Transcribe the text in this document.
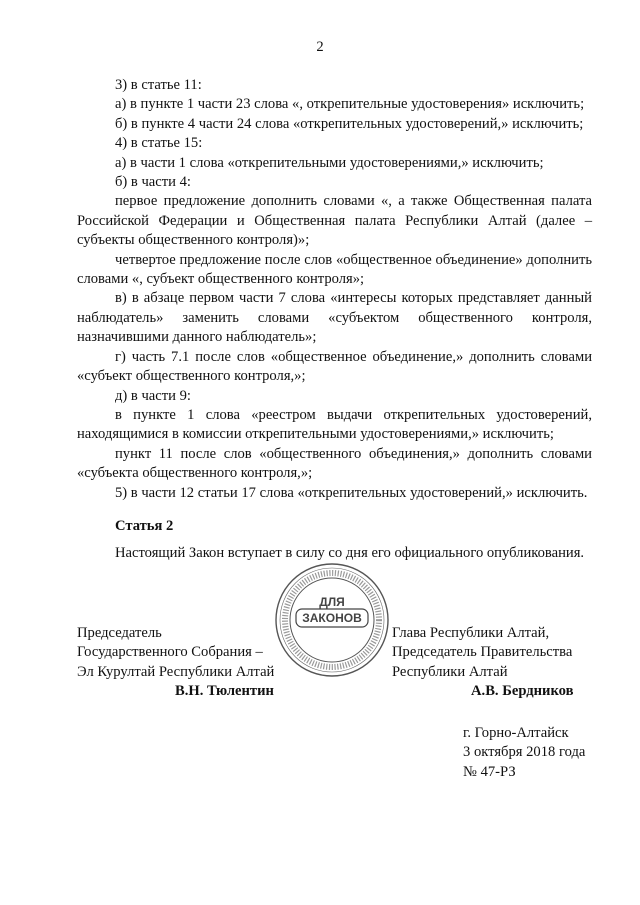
2

3) в статье 11:

а) в пункте 1 части 23 слова «, открепительные удостоверения» исключить;

б) в пункте 4 части 24 слова «открепительных удостоверений,» исключить;

4) в статье 15:

а) в части 1 слова «открепительными удостоверениями,» исключить;

б) в части 4:

первое предложение дополнить словами «, а также Общественная палата Российской Федерации и Общественная палата Республики Алтай (далее – субъекты общественного контроля)»;

четвертое предложение после слов «общественное объединение» дополнить словами «, субъект общественного контроля»;

в) в абзаце первом части 7 слова «интересы которых представляет данный наблюдатель» заменить словами «субъектом общественного контроля, назначившими данного наблюдатель»;

г) часть 7.1 после слов «общественное объединение,» дополнить словами «субъект общественного контроля,»;

д) в части 9:

в пункте 1 слова «реестром выдачи открепительных удостоверений, находящимися в комиссии открепительными удостоверениями,» исключить;

пункт 11 после слов «общественного объединения,» дополнить словами «субъекта общественного контроля,»;

5) в части 12 статьи 17 слова «открепительных удостоверений,» исключить.

Статья 2

Настоящий Закон вступает в силу со дня его официального опубликования.

ДЛЯ
ЗАКОНОВ
Председатель
Государственного Собрания –
Эл Курултай Республики Алтай
В.Н. Тюлентин
Глава Республики Алтай,
Председатель Правительства
Республики Алтай
А.В. Бердников
г. Горно-Алтайск
3 октября 2018 года
№ 47-РЗ
